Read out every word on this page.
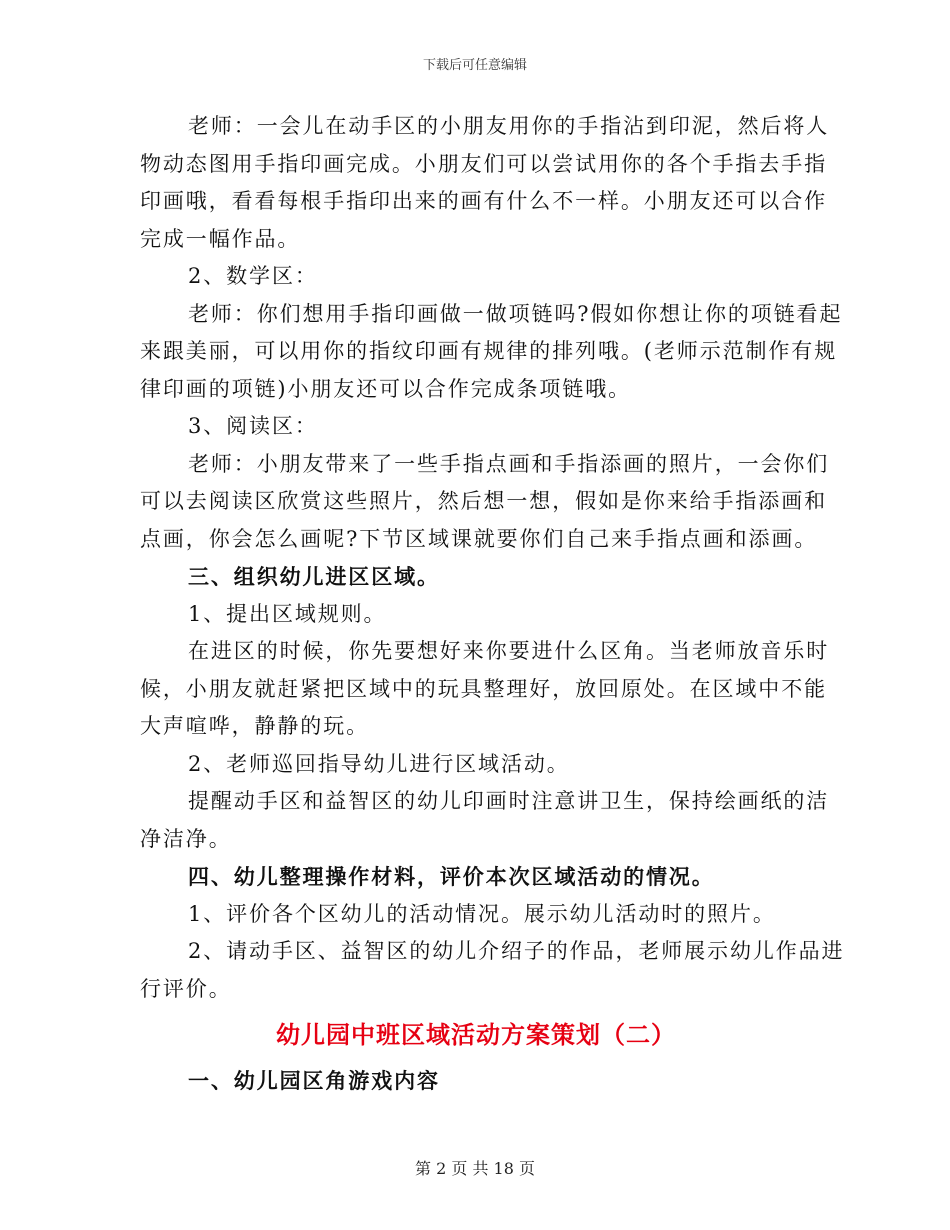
下载后可任意编辑
老师：一会儿在动手区的小朋友用你的手指沾到印泥，然后将人
物动态图用手指印画完成。小朋友们可以尝试用你的各个手指去手指
印画哦，看看每根手指印出来的画有什么不一样。小朋友还可以合作
完成一幅作品。
2、数学区：
老师：你们想用手指印画做一做项链吗?假如你想让你的项链看起
来跟美丽，可以用你的指纹印画有规律的排列哦。(老师示范制作有规
律印画的项链)小朋友还可以合作完成条项链哦。
3、阅读区：
老师：小朋友带来了一些手指点画和手指添画的照片，一会你们
可以去阅读区欣赏这些照片，然后想一想，假如是你来给手指添画和
点画，你会怎么画呢?下节区域课就要你们自己来手指点画和添画。
三、组织幼儿进区区域。
1、提出区域规则。
在进区的时候，你先要想好来你要进什么区角。当老师放音乐时
候，小朋友就赶紧把区域中的玩具整理好，放回原处。在区域中不能
大声喧哗，静静的玩。
2、老师巡回指导幼儿进行区域活动。
提醒动手区和益智区的幼儿印画时注意讲卫生，保持绘画纸的洁
净洁净。
四、幼儿整理操作材料，评价本次区域活动的情况。
1、评价各个区幼儿的活动情况。展示幼儿活动时的照片。
2、请动手区、益智区的幼儿介绍子的作品，老师展示幼儿作品进
行评价。
幼儿园中班区域活动方案策划（二）
一、幼儿园区角游戏内容
第 2 页 共 18 页
